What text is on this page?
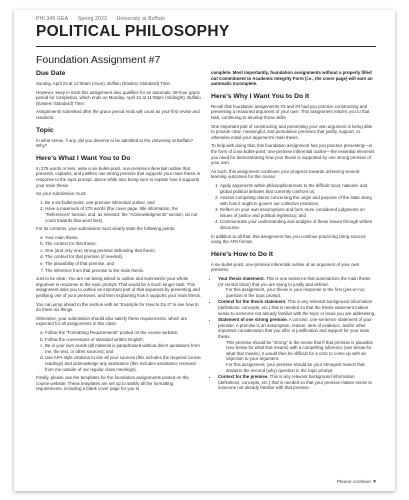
PHI 345 GEA Spring 2023 University at Buffalo
POLITICAL PHILOSOPHY
Foundation Assignment #7
Due Date

Sunday, April 23 at 12:00am (noon), Buffalo (Eastern Standard) Time.

However, keep in mind this assignment also qualifies for an automatic 36-hour grace period for completion, which ends on Monday, April 24 at 11:59pm (midnight), Buffalo (Eastern Standard) Time.

Assignments submitted after the grace period ends will count as your first revise and resubmit.

Topic

In what sense, if any, did you deserve to be admitted to the University at Buffalo? Why?

Here’s What I Want You to Do

In 275 words or less, write a six-bullet-point, one-premise inferential outline that presents, explains, and justifies one strong premise that supports your main thesis in response to the topic prompt, above while also being sure to explain how it supports your main thesis.

So your submission must:

1. Be a six-bullet-point, one-premise inferential outline, and
2. Have a maximum of 275 words (the cover page, title information, the “References” section, and, as relevant, the “Acknowledgments” section, do not count towards that word limit).

For its contents, your submission must clearly state the following points:

a. Your main thesis,
b. The context for that thesis,
c. One (and only one) strong premise defending that thesis,
d. The context for that premise (if needed),
e. The plausibility of that premise, and
f. The inference from that premise to the main thesis.

Just to be clear: You are not being asked to outline and summarize your whole argument in response to the topic prompt. That would be a much longer task. This assignment asks you to outline an important part of that argument by presenting and justifying one of your premises, and then explaining how it supports your main thesis.

You can jump ahead to the section with an “Example for How to Do It” to see how to do these six things.

Otherwise, your submission should also satisfy these requirements, which are expected for all assignments in this class:

a. Follow the “Formatting Requirements” posted on the course website;
b. Follow the conventions of standard written English;
c. Be in your own words (all material is paraphrased without direct quotations from me, the text, or other sources); and
d. Use APA-style citations to cite all your sources (this includes the required course readings) and acknowledge any assistance (this includes assistance received from me outside of our regular class meetings).

Finally, please use the templates for the foundation assignments posted on the course website. These templates are set up to satisfy all the formatting requirements, including a blank cover page for you to

complete. Most importantly, foundation assignments without a properly filled out Commitment to Academic Integrity Form (i.e., the cover page) will earn an automatic Incomplete.

Here’s Why I Want You to Do It

Recall that foundation assignments #3 and #4 had you practice constructing and presenting a reasoned argument of your own. This assignment returns you to that task, continuing to develop those skills.

One important part of constructing and presenting your own argument is being able to provide clear, meaningful, and persuasive premises that justify, support, or otherwise entail your argument’s main thesis.

To help with doing that, this foundation assignment has you practice presenting—in the form of a six-bullet-point, one-premise inferential outline—the essential elements you need for demonstrating how your thesis is supported by one strong premise of your own.

As such, this assignment continues your progress towards achieving several learning outcomes for the course:

1. Apply arguments within philosophical texts to the difficult local, national, and global political debates that currently confront us;
2. Assess competing claims concerning the origin and purpose of the state along with how it ought to govern our collective practices;
3. Reflect on your own assumptions and form more considered judgments on issues of justice and political legitimacy; and
4. Communicate your understanding and analysis of these issues through written discourse.

In addition to all that, this assignment has you continue practicing citing sources using the APA format.

Here’s How to Do It

A six-bullet-point, one-premise inferential outline of an argument of your own presents:

• Your thesis statement. This is one sentence that summarizes the main thesis (or central claim) that you are trying to justify and defend.
For this assignment, your thesis is your response to the first (yes-or-no) question in the topic prompt.
• Context for the thesis statement. This is any relevant background information (definitions, concepts, etc.) that is needed so that the thesis statement makes sense to someone not already familiar with the topic or issue you are addressing.
• Statement of one strong premise. A concise, one-sentence statement of your premise. A premise is an assumption, reason, item of evidence, and/or other important consideration that you offer in justification and support for your main thesis.
This premise should be “strong” in the sense that if that premise is plausible (see below for what that means) with a compelling inference (see below for what that means), it would then be difficult for a critic to come up with an objection to your argument.
For this assignment, your premise should be your strongest reason that answers the second (why) question in the topic prompt.
• Context for the premise. This is any relevant background information (definitions, concepts, etc.) that is needed so that your premise makes sense to someone not already familiar with that premise.
Please continue ▼
